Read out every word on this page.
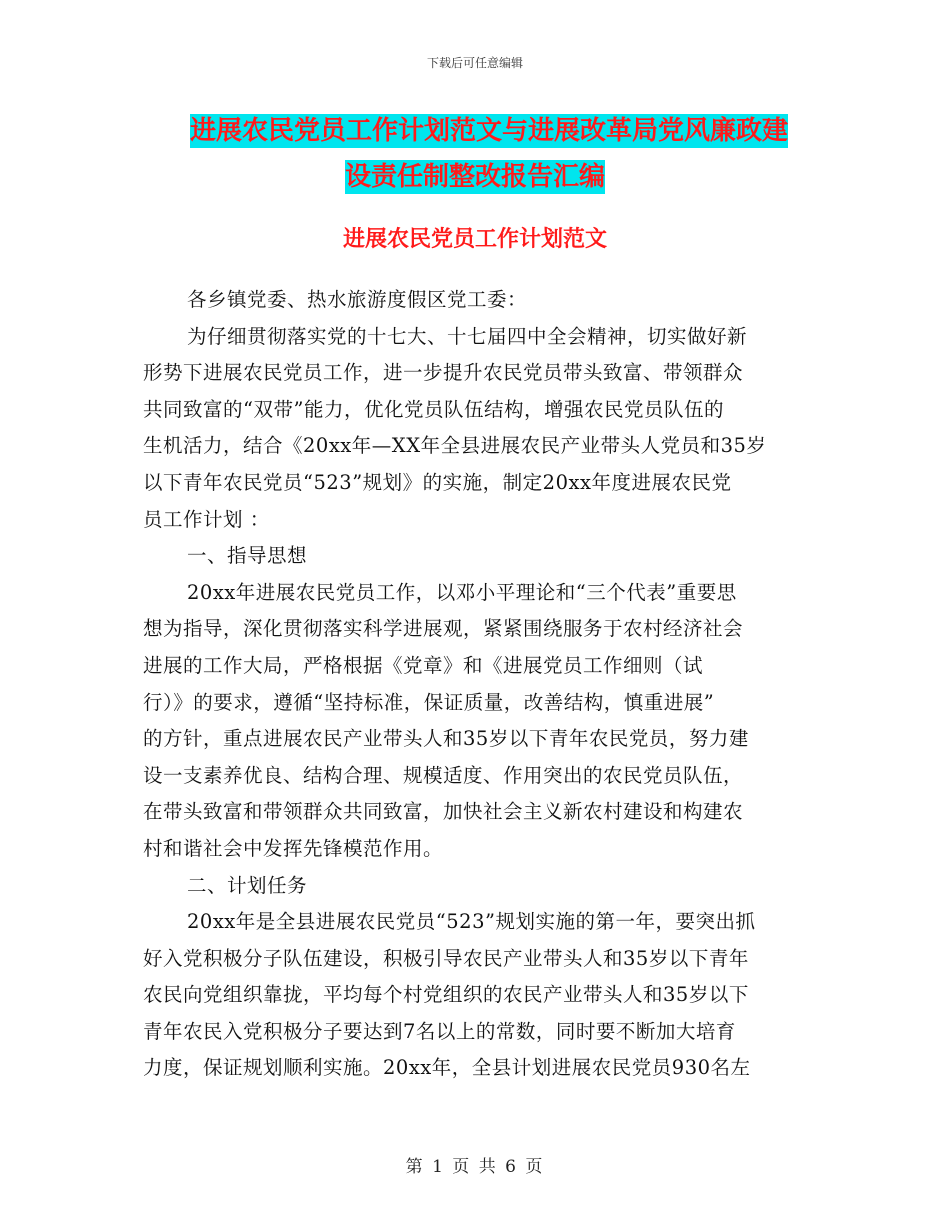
下载后可任意编辑
进展农民党员工作计划范文与进展改革局党风廉政建
设责任制整改报告汇编
进展农民党员工作计划范文
各乡镇党委、热水旅游度假区党工委：
为仔细贯彻落实党的十七大、十七届四中全会精神，切实做好新
形势下进展农民党员工作，进一步提升农民党员带头致富、带领群众
共同致富的“双带”能力，优化党员队伍结构，增强农民党员队伍的
生机活力，结合《20xx年—XX年全县进展农民产业带头人党员和35岁
以下青年农民党员“523”规划》的实施，制定20xx年度进展农民党
员工作计划 ：
一、指导思想
20xx年进展农民党员工作，以邓小平理论和“三个代表”重要思
想为指导，深化贯彻落实科学进展观，紧紧围绕服务于农村经济社会
进展的工作大局，严格根据《党章》和《进展党员工作细则（试
行）》的要求，遵循“坚持标准，保证质量，改善结构，慎重进展”
的方针，重点进展农民产业带头人和35岁以下青年农民党员，努力建
设一支素养优良、结构合理、规模适度、作用突出的农民党员队伍，
在带头致富和带领群众共同致富，加快社会主义新农村建设和构建农
村和谐社会中发挥先锋模范作用。
二、计划任务
20xx年是全县进展农民党员“523”规划实施的第一年，要突出抓
好入党积极分子队伍建设，积极引导农民产业带头人和35岁以下青年
农民向党组织靠拢，平均每个村党组织的农民产业带头人和35岁以下
青年农民入党积极分子要达到7名以上的常数，同时要不断加大培育
力度，保证规划顺利实施。20xx年，全县计划进展农民党员930名左
第 1 页 共 6 页
